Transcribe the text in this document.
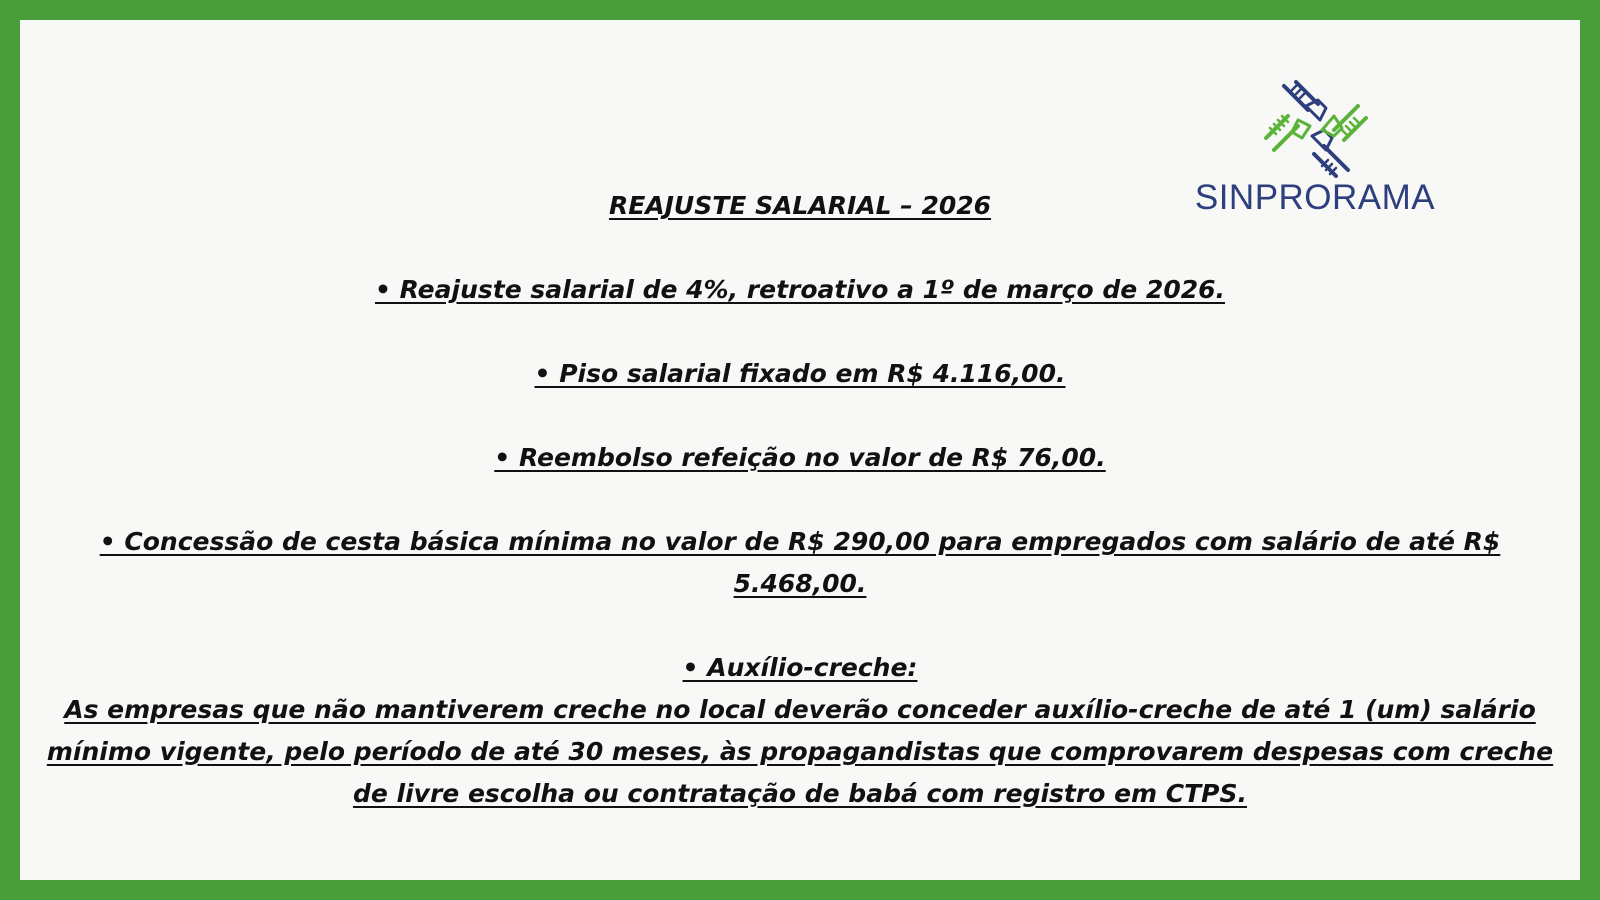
SINPRORAMA

REAJUSTE SALARIAL – 2026

• Reajuste salarial de 4%, retroativo a 1º de março de 2026.

• Piso salarial fixado em R$ 4.116,00.

• Reembolso refeição no valor de R$ 76,00.

• Concessão de cesta básica mínima no valor de R$ 290,00 para empregados com salário de até R$ 5.468,00.

• Auxílio-creche:

As empresas que não mantiverem creche no local deverão conceder auxílio-creche de até 1 (um) salário mínimo vigente, pelo período de até 30 meses, às propagandistas que comprovarem despesas com creche de livre escolha ou contratação de babá com registro em CTPS.
